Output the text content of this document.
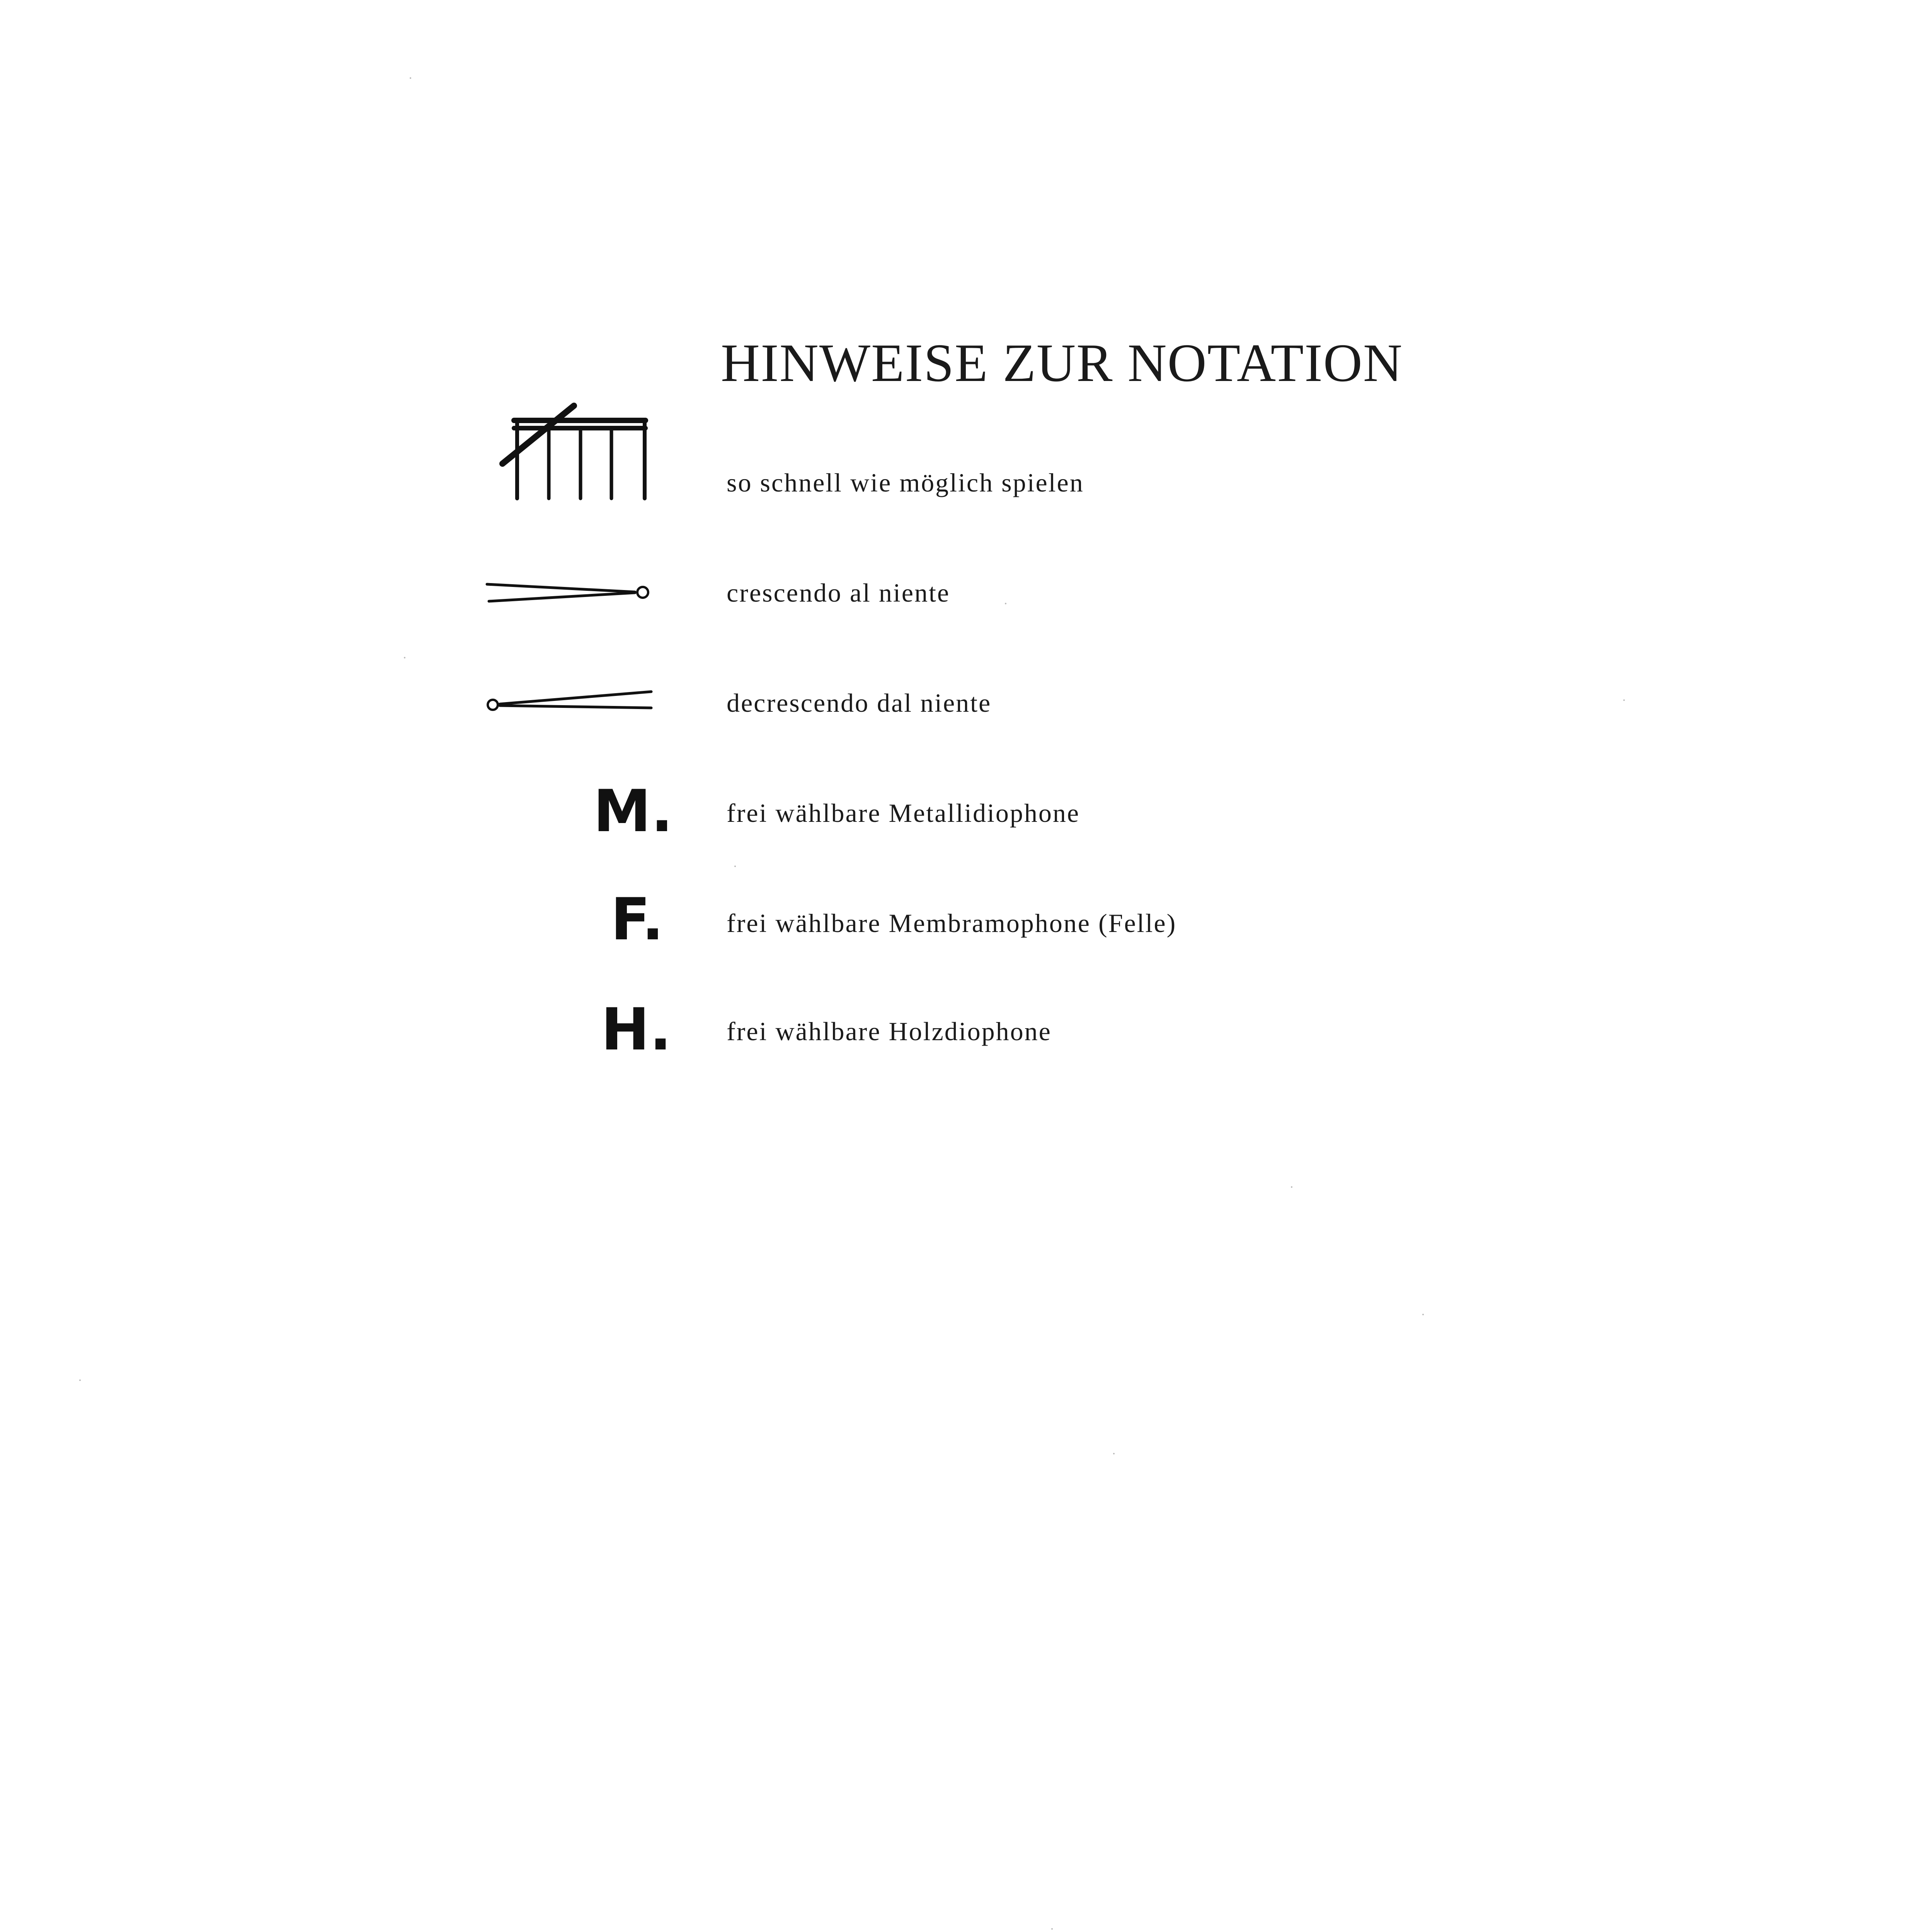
HINWEISE ZUR NOTATION
so schnell wie möglich spielen
crescendo al niente
decrescendo dal niente
M. frei wählbare Metallidiophone
F. frei wählbare Membramophone (Felle)
H. frei wählbare Holzdiophone
